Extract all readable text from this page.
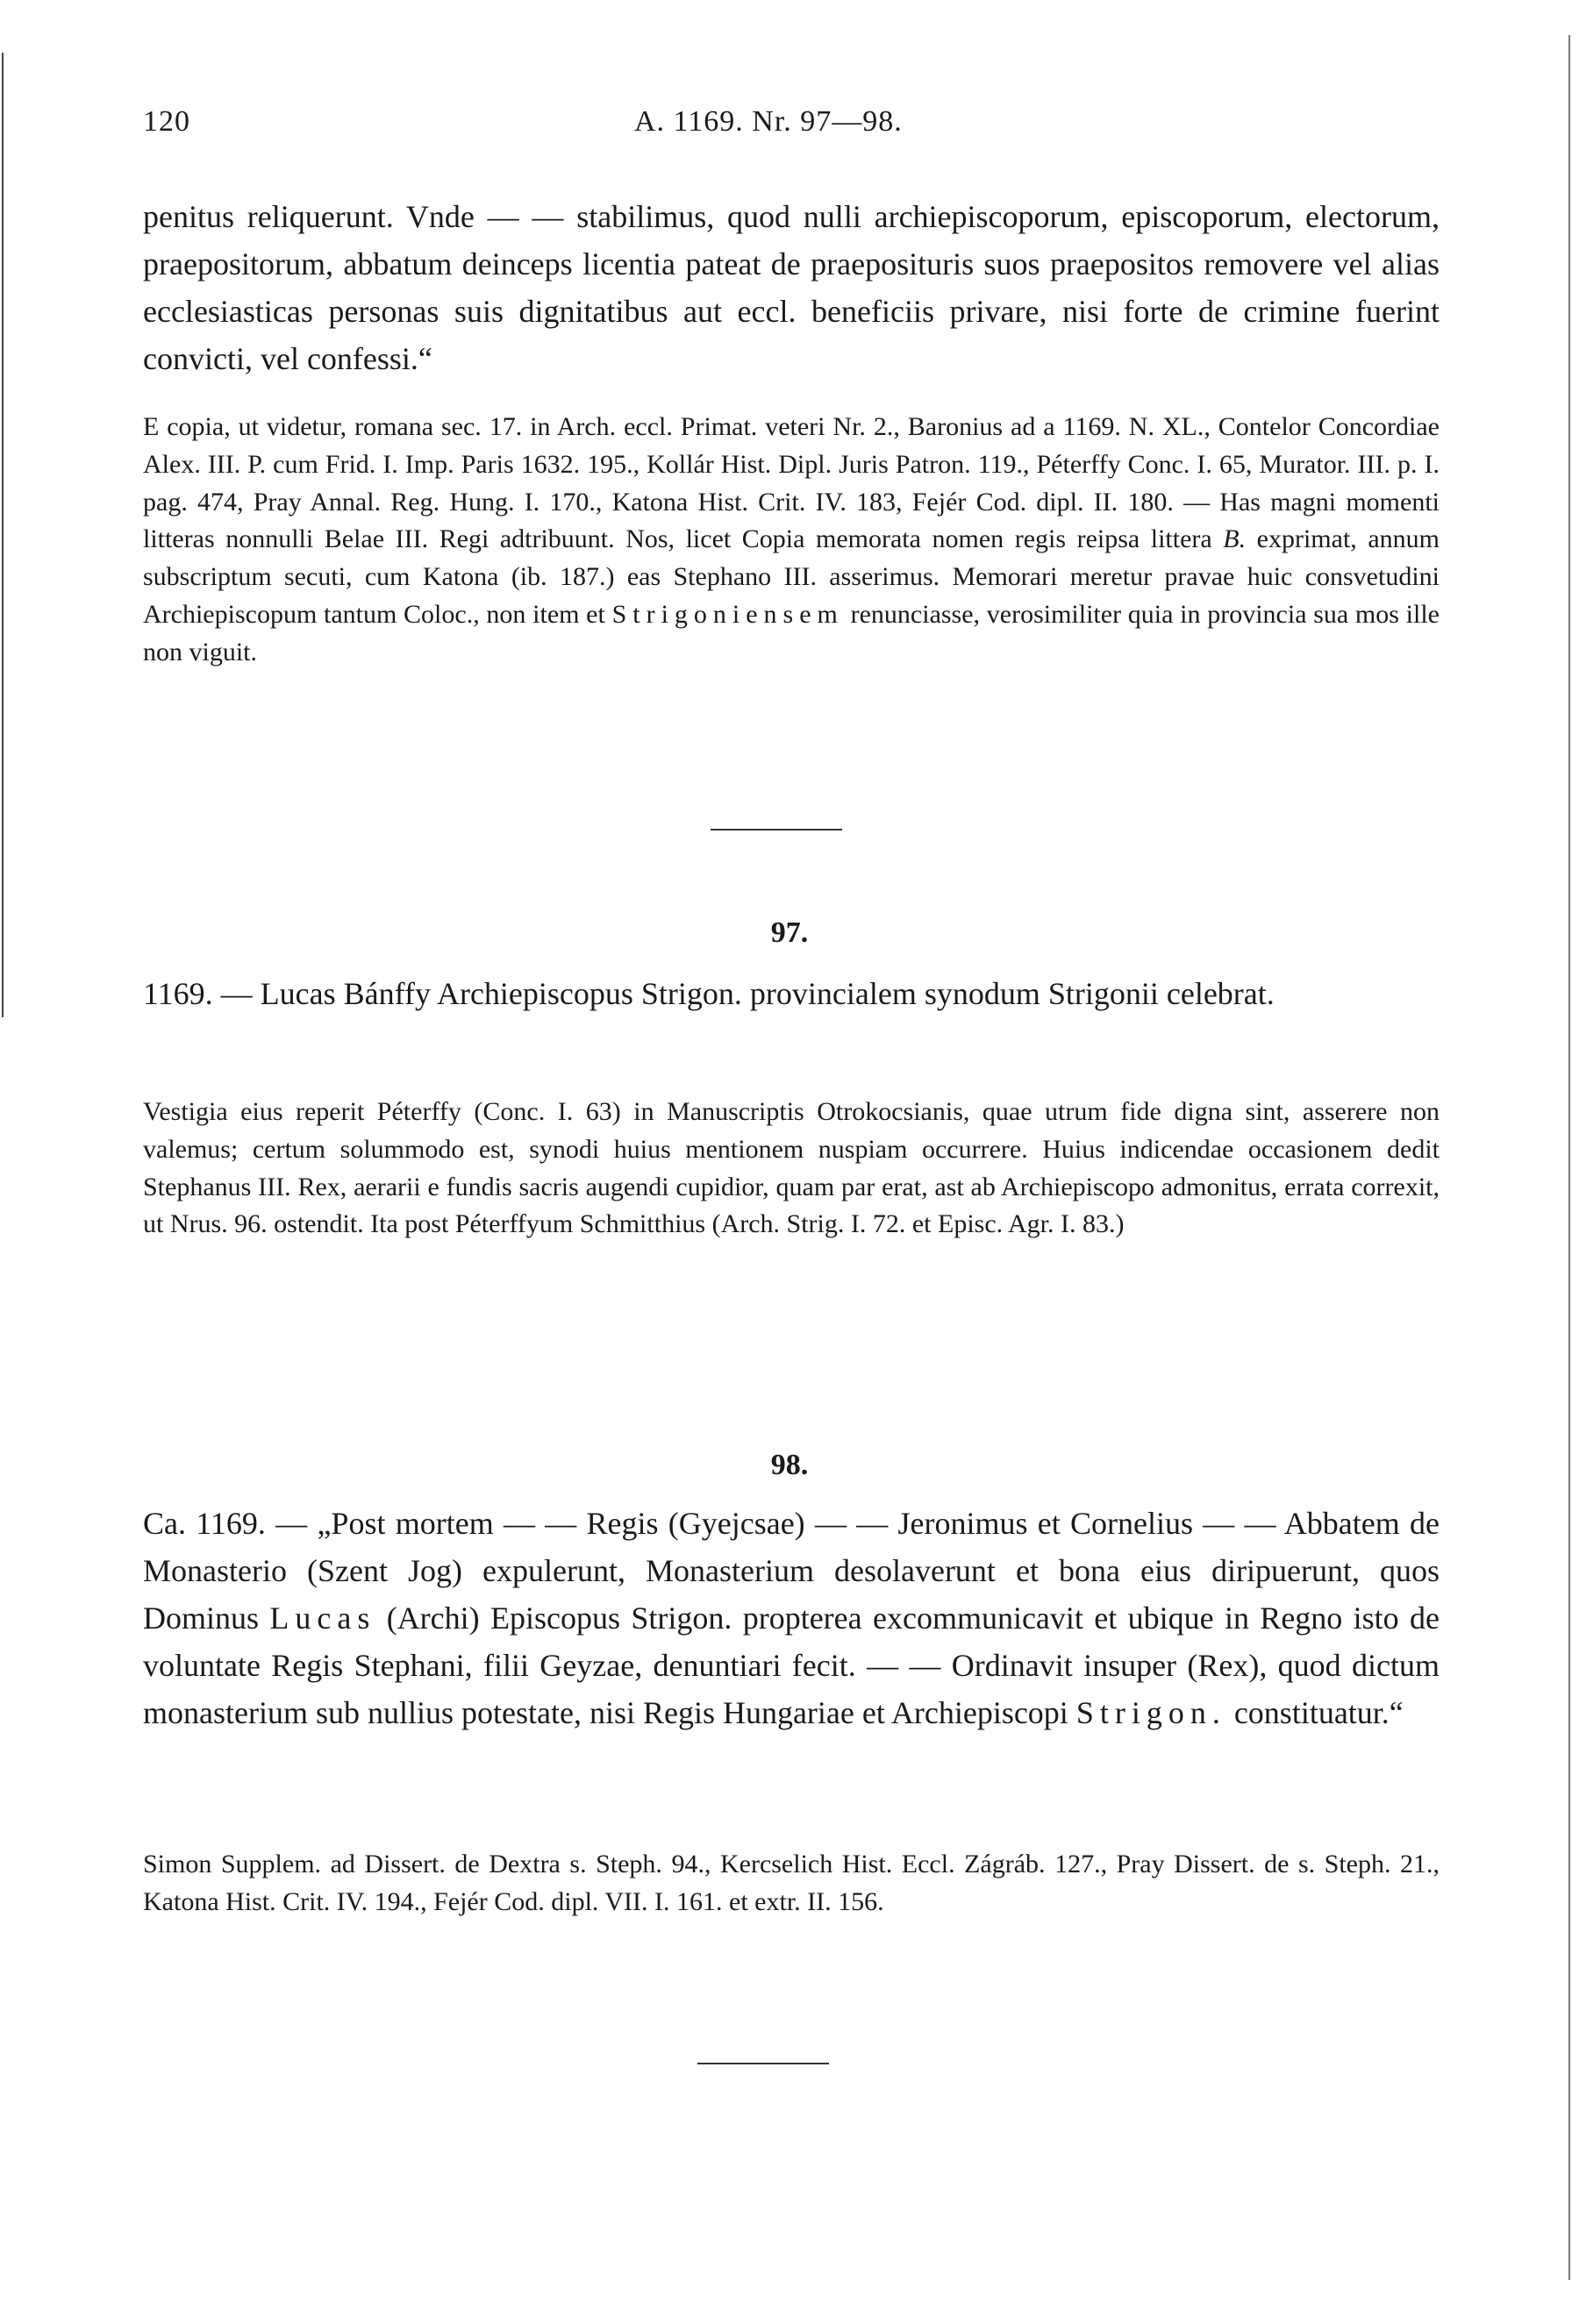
120	A. 1169. Nr. 97—98.
penitus reliquerunt. Vnde — — stabilimus, quod nulli archiepiscoporum, episcoporum, electorum, praepositorum, abbatum deinceps licentia pateat de praeposituris suos praepositos removere vel alias ecclesiasticas personas suis dignitatibus aut eccl. beneficiis privare, nisi forte de crimine fuerint convicti, vel confessi.“
E copia, ut videtur, romana sec. 17. in Arch. eccl. Primat. veteri Nr. 2., Baronius ad a 1169. N. XL., Contelor Concordiae Alex. III. P. cum Frid. I. Imp. Paris 1632. 195., Kollár Hist. Dipl. Juris Patron. 119., Péterffy Conc. I. 65, Murator. III. p. I. pag. 474, Pray Annal. Reg. Hung. I. 170., Katona Hist. Crit. IV. 183, Fejér Cod. dipl. II. 180. — Has magni momenti litteras nonnulli Belae III. Regi adtribuunt. Nos, licet Copia memorata nomen regis reipsa littera B. exprimat, annum subscriptum secuti, cum Katona (ib. 187.) eas Stephano III. asserimus. Memorari meretur pravae huic consvetudini Archiepiscopum tantum Coloc., non item et Strigoniensem renunciasse, verosimiliter quia in provincia sua mos ille non viguit.
97.
1169. — Lucas Bánffy Archiepiscopus Strigon. provincialem synodum Strigonii celebrat.
Vestigia eius reperit Péterffy (Conc. I. 63) in Manuscriptis Otrokocsianis, quae utrum fide digna sint, asserere non valemus; certum solummodo est, synodi huius mentionem nuspiam occurrere. Huius indicendae occasionem dedit Stephanus III. Rex, aerarii e fundis sacris augendi cupidior, quam par erat, ast ab Archiepiscopo admonitus, errata correxit, ut Nrus. 96. ostendit. Ita post Péterffyum Schmitthius (Arch. Strig. I. 72. et Episc. Agr. I. 83.)
98.
Ca. 1169. — „Post mortem — — Regis (Gyejcsae) — — Jeronimus et Cornelius — — Abbatem de Monasterio (Szent Jog) expulerunt, Monasterium desolaverunt et bona eius diripuerunt, quos Dominus Lucas (Archi) Episcopus Strigon. propterea excommunicavit et ubique in Regno isto de voluntate Regis Stephani, filii Geyzae, denuntiari fecit. — — Ordinavit insuper (Rex), quod dictum monasterium sub nullius potestate, nisi Regis Hungariae et Archiepiscopi Strigon. constituatur.“
Simon Supplem. ad Dissert. de Dextra s. Steph. 94., Kercselich Hist. Eccl. Zágráb. 127., Pray Dissert. de s. Steph. 21., Katona Hist. Crit. IV. 194., Fejér Cod. dipl. VII. I. 161. et extr. II. 156.
